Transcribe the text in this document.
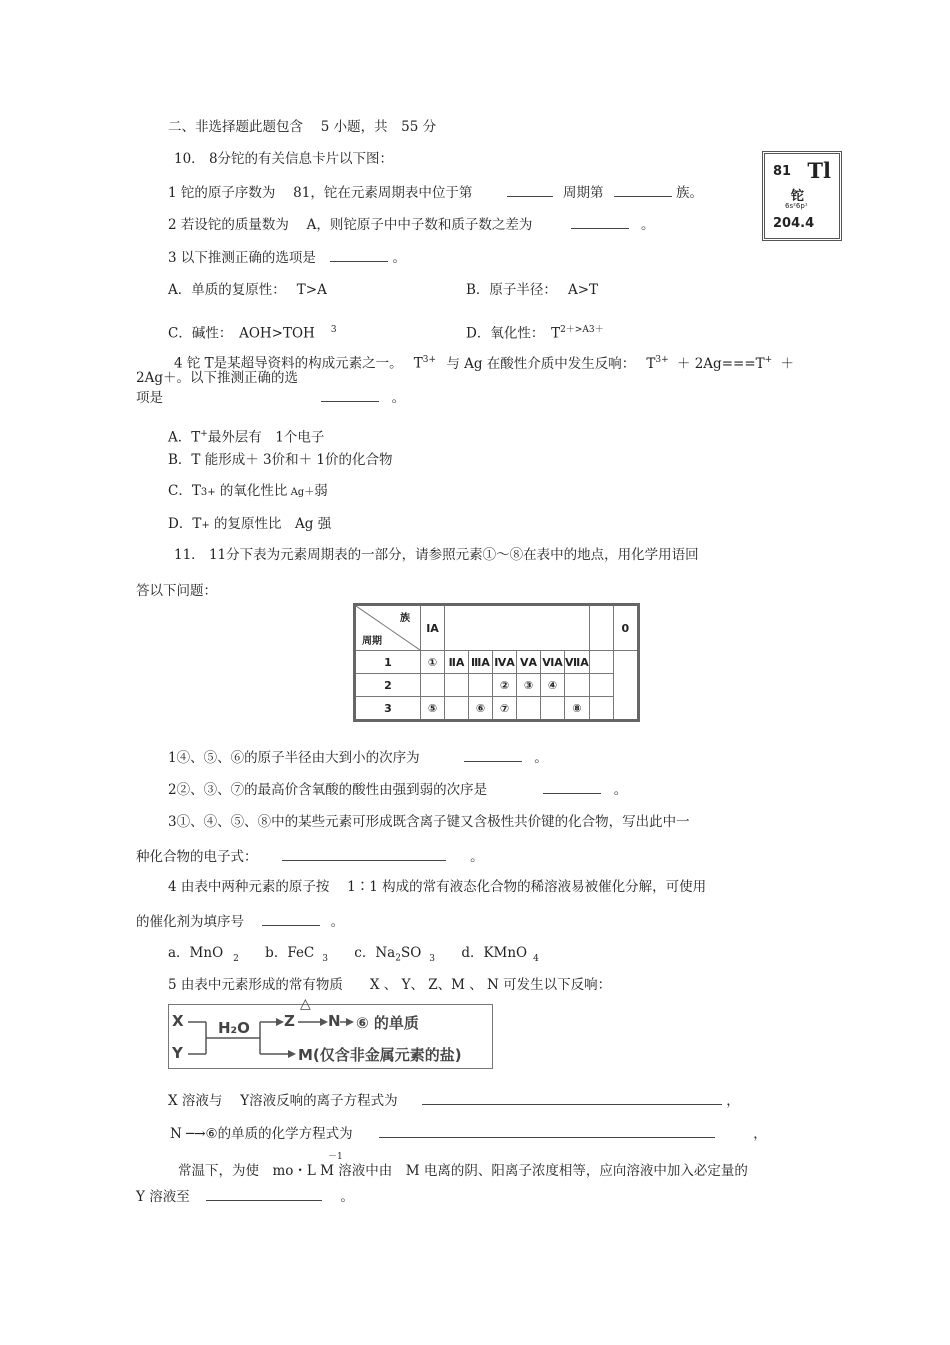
二、非选择题此题包含　 5 小题，共　55 分
10． 8分铊的有关信息卡片以下图：
81 Tl
铊
6s²6p¹
204.4
1 铊的原子序数为　 81，铊在元素周期表中位于第	周期第	族。
2 若设铊的质量数为　 A，则铊原子中中子数和质子数之差为	。
3 以下推测正确的选项是	。
A．单质的复原性：　 T>A	B．原子半径：　 A>T
C．碱性：　AOH>TOH $^3$	D．氧化性：　$T^{2+>A3+}$
4 铊 T是某超导资料的构成元素之一。　 $T^{3+}$ 与 Ag 在酸性介质中发生反响：　 $T^{3+} + 2Ag===T^+$ ＋
2Ag＋。以下推测正确的选
项是	。
A．T+最外层有　1个电子
B．T 能形成＋ 3价和＋ 1价的化合物
C．T3+ 的氧化性比 Ag＋弱
D．T+ 的复原性比　Ag 强
11． 11分下表为元素周期表的一部分，请参照元素①～⑧在表中的地点，用化学用语回
答以下问题：
族
周期	ⅠA								0

1	①	ⅡA	ⅢA	ⅣA	ⅤA	ⅥA	ⅦA		
2				②	③	④			
3	⑤		⑥	⑦			⑧		
1④、⑤、⑥的原子半径由大到小的次序为	。
2②、③、⑦的最高价含氧酸的酸性由强到弱的次序是	。
3①、④、⑤、⑧中的某些元素可形成既含离子键又含极性共价键的化合物，写出此中一
种化合物的电子式：	。
4 由表中两种元素的原子按　 1∶1 构成的常有液态化合物的稀溶液易被催化分解，可使用
的催化剂为填序号	。
a．MnO $_2$ b．FeC $_3$ c．$Na_2SO$ $_3$ d．KMnO $_4$
5 由表中元素形成的常有物质　　X 、 Y、 Z、M 、 N 可发生以下反响：
X
Y
H₂O Z
△
N ⑥ 的单质
M(仅含非金属元素的盐)
X 溶液与　 Y溶液反响的离子方程式为	，
N ─→⑥的单质的化学方程式为	，
－1
常温下，为使　mo・L M 溶液中由　M 电离的阴、阳离子浓度相等，应向溶液中加入必定量的
Y 溶液至	。
